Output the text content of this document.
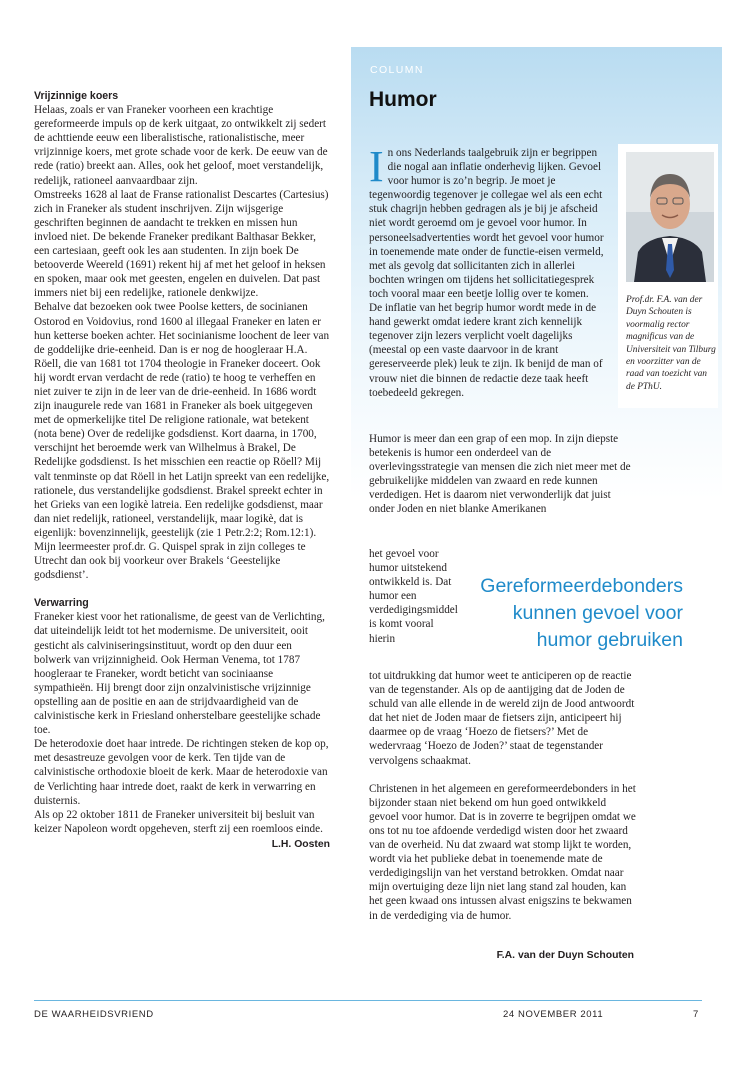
Vrijzinnige koers

Helaas, zoals er van Franeker voorheen een krachtige gereformeerde impuls op de kerk uitgaat, zo ontwikkelt zij sedert de achttiende eeuw een liberalistische, rationalistische, meer vrijzinnige koers, met grote schade voor de kerk. De eeuw van de rede (ratio) breekt aan. Alles, ook het geloof, moet verstandelijk, redelijk, rationeel aanvaardbaar zijn.

Omstreeks 1628 al laat de Franse rationalist Descartes (Cartesius) zich in Franeker als student inschrijven. Zijn wijsgerige geschriften beginnen de aandacht te trekken en missen hun invloed niet. De bekende Franeker predikant Balthasar Bekker, een cartesiaan, geeft ook les aan studenten. In zijn boek De betooverde Weereld (1691) rekent hij af met het geloof in heksen en spoken, maar ook met geesten, engelen en duivelen. Dat past immers niet bij een redelijke, rationele denkwijze.

Behalve dat bezoeken ook twee Poolse ketters, de socinianen Ostorod en Voidovius, rond 1600 al illegaal Franeker en laten er hun ketterse boeken achter. Het socinianisme loochent de leer van de goddelijke drie-eenheid. Dan is er nog de hoogleraar H.A. Röell, die van 1681 tot 1704 theologie in Franeker doceert. Ook hij wordt ervan verdacht de rede (ratio) te hoog te verheffen en niet zuiver te zijn in de leer van de drie-eenheid. In 1686 wordt zijn inaugurele rede van 1681 in Franeker als boek uitgegeven met de opmerkelijke titel De religione rationale, wat betekent (nota bene) Over de redelijke godsdienst. Kort daarna, in 1700, verschijnt het beroemde werk van Wilhelmus à Brakel, De Redelijke godsdienst. Is het misschien een reactie op Röell? Mij valt tenminste op dat Röell in het Latijn spreekt van een redelijke, rationele, dus verstandelijke godsdienst. Brakel spreekt echter in het Grieks van een logikè latreia. Een redelijke godsdienst, maar dan niet redelijk, rationeel, verstandelijk, maar logikè, dat is eigenlijk: bovenzinnelijk, geestelijk (zie 1 Petr.2:2; Rom.12:1). Mijn leermeester prof.dr. G. Quispel sprak in zijn colleges te Utrecht dan ook bij voorkeur over Brakels ‘Geestelijke godsdienst’.

Verwarring

Franeker kiest voor het rationalisme, de geest van de Verlichting, dat uiteindelijk leidt tot het modernisme. De universiteit, ooit gesticht als calviniseringsinstituut, wordt op den duur een bolwerk van vrijzinnigheid. Ook Herman Venema, tot 1787 hoogleraar te Franeker, wordt beticht van sociniaanse sympathieën. Hij brengt door zijn onzalvinistische vrijzinnige opstelling aan de positie en aan de strijdvaardigheid van de calvinistische kerk in Friesland onherstelbare geestelijke schade toe.

De heterodoxie doet haar intrede. De richtingen steken de kop op, met desastreuze gevolgen voor de kerk. Ten tijde van de calvinistische orthodoxie bloeit de kerk. Maar de heterodoxie van de Verlichting haar intrede doet, raakt de kerk in verwarring en duisternis.

Als op 22 oktober 1811 de Franeker universiteit bij besluit van keizer Napoleon wordt opgeheven, sterft zij een roemloos einde.

L.H. Oosten

COLUMN
Humor

In ons Nederlands taalgebruik zijn er begrippen die nogal aan inflatie onderhevig lijken. Gevoel voor humor is zo’n begrip. Je moet je tegenwoordig tegenover je collegae wel als een echt stuk chagrijn hebben gedragen als je bij je afscheid niet wordt geroemd om je gevoel voor humor. In personeelsadvertenties wordt het gevoel voor humor in toenemende mate onder de functie-eisen vermeld, met als gevolg dat sollicitanten zich in allerlei bochten wringen om tijdens het sollicitatiegesprek toch vooral maar een beetje lollig over te komen.

De inflatie van het begrip humor wordt mede in de hand gewerkt omdat iedere krant zich kennelijk tegenover zijn lezers verplicht voelt dagelijks (meestal op een vaste daarvoor in de krant gereserveerde plek) leuk te zijn. Ik benijd de man of vrouw niet die binnen de redactie deze taak heeft toebedeeld gekregen.

Prof.dr. F.A. van der Duyn Schouten is voormalig rector magnificus van de Universiteit van Tilburg en voorzitter van de raad van toezicht van de PThU.

Humor is meer dan een grap of een mop. In zijn diepste betekenis is humor een onderdeel van de overlevingsstrategie van mensen die zich niet meer met de gebruikelijke middelen van zwaard en rede kunnen verdedigen. Het is daarom niet verwonderlijk dat juist onder Joden en niet blanke Amerikanen

het gevoel voor humor uitstekend ontwikkeld is. Dat humor een verdedigingsmiddel is komt vooral hierin
Gereformeerdebonders kunnen gevoel voor humor gebruiken

tot uitdrukking dat humor weet te anticiperen op de reactie van de tegenstander. Als op de aantijging dat de Joden de schuld van alle ellende in de wereld zijn de Jood antwoordt dat het niet de Joden maar de fietsers zijn, anticipeert hij daarmee op de vraag ‘Hoezo de fietsers?’ Met de wedervraag ‘Hoezo de Joden?’ staat de tegenstander vervolgens schaakmat.

Christenen in het algemeen en gereformeerdebonders in het bijzonder staan niet bekend om hun goed ontwikkeld gevoel voor humor. Dat is in zoverre te begrijpen omdat we ons tot nu toe afdoende verdedigd wisten door het zwaard van de overheid. Nu dat zwaard wat stomp lijkt te worden, wordt via het publieke debat in toenemende mate de verdedigingslijn van het verstand betrokken. Omdat naar mijn overtuiging deze lijn niet lang stand zal houden, kan het geen kwaad ons intussen alvast enigszins te bekwamen in de verdediging via de humor.

F.A. van der Duyn Schouten
DE WAARHEIDSVRIEND	24 NOVEMBER 2011	7
